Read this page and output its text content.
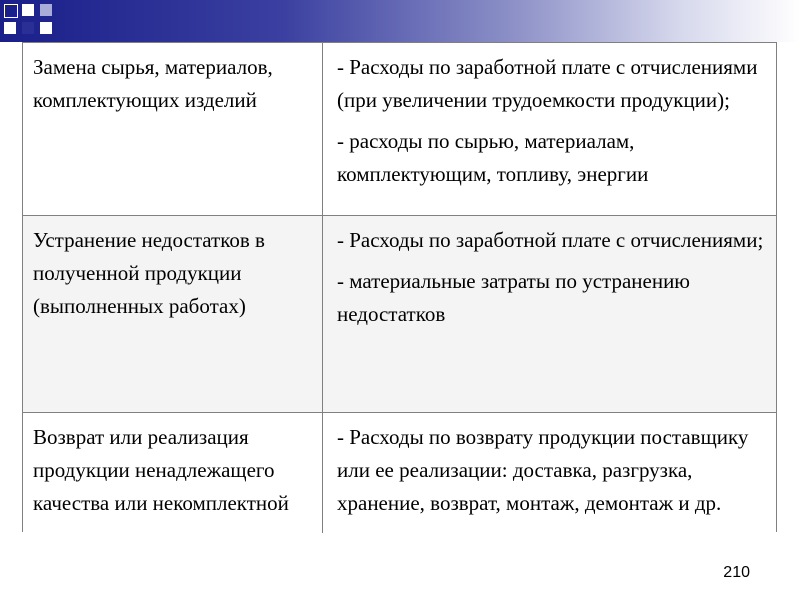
Замена сырья, материалов, комплектующих изделий
- Расходы по заработной плате с отчислениями (при увеличении трудоемкости продукции);
- расходы по сырью, материалам, комплектующим, топливу, энергии
Устранение недостатков в полученной продукции (выполненных работах)
- Расходы по заработной плате с отчислениями;
- материальные затраты по устранению недостатков
Возврат или реализация продукции ненадлежащего качества или некомплектной
- Расходы по возврату продукции поставщику или ее реализации: доставка, разгрузка, хранение, возврат, монтаж, демонтаж и др.
210
